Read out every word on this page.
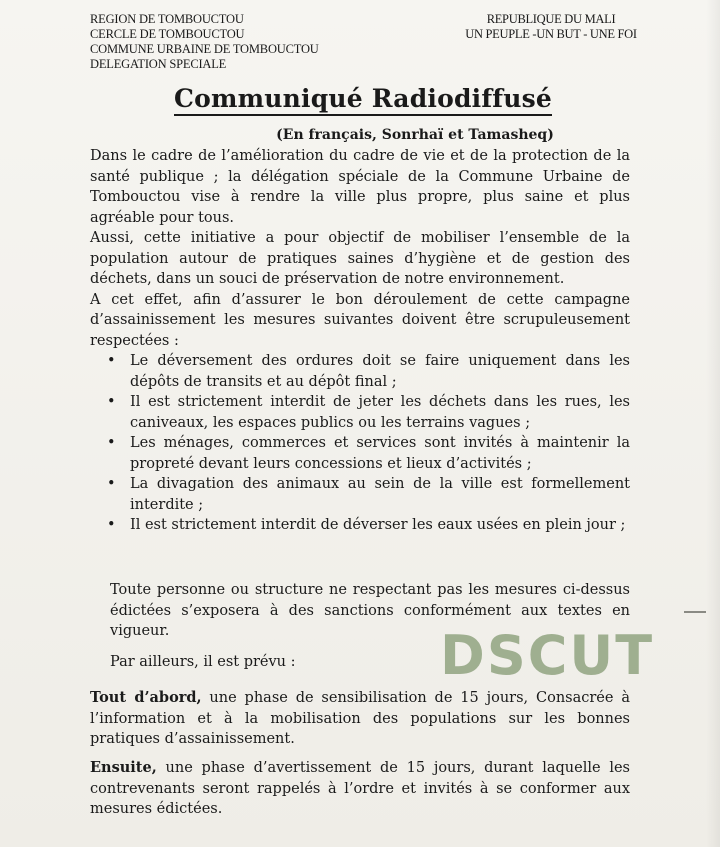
REGION DE TOMBOUCTOU
CERCLE DE TOMBOUCTOU
COMMUNE URBAINE DE TOMBOUCTOU
DELEGATION SPECIALE
REPUBLIQUE DU MALI
UN PEUPLE -UN BUT - UNE FOI
Communiqué Radiodiffusé
(En français, Sonrhaï et Tamasheq)

Dans le cadre de l’amélioration du cadre de vie et de la protection de la santé publique ; la délégation spéciale de la Commune Urbaine de Tombouctou vise à rendre la ville plus propre, plus saine et plus agréable pour tous.

Aussi, cette initiative a pour objectif de mobiliser l’ensemble de la population autour de pratiques saines d’hygiène et de gestion des déchets, dans un souci de préservation de notre environnement.

A cet effet, afin d’assurer le bon déroulement de cette campagne d’assainissement les mesures suivantes doivent être scrupuleusement respectées :

• Le déversement des ordures doit se faire uniquement dans les dépôts de transits et au dépôt final ;
• Il est strictement interdit de jeter les déchets dans les rues, les caniveaux, les espaces publics ou les terrains vagues ;
• Les ménages, commerces et services sont invités à maintenir la propreté devant leurs concessions et lieux d’activités ;
• La divagation des animaux au sein de la ville est formellement interdite ;
• Il est strictement interdit de déverser les eaux usées en plein jour ;
Toute personne ou structure ne respectant pas les mesures ci-dessus édictées s’exposera à des sanctions conformément aux textes en vigueur.
Par ailleurs, il est prévu :
Tout d’abord, une phase de sensibilisation de 15 jours, Consacrée à l’information et à la mobilisation des populations sur les bonnes pratiques d’assainissement.
Ensuite, une phase d’avertissement de 15 jours, durant laquelle les contrevenants seront rappelés à l’ordre et invités à se conformer aux mesures édictées.
DSCUT
